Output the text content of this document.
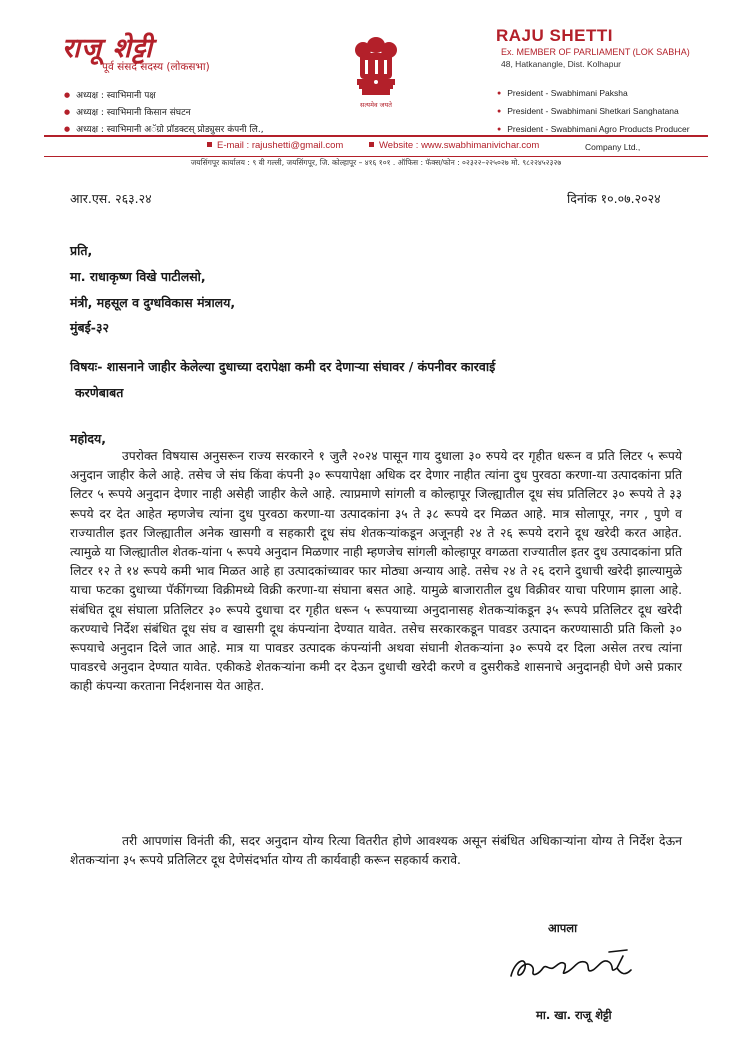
राजू शेट्टी
पूर्व संसद सदस्य (लोकसभा)
● अध्यक्ष : स्वाभिमानी पक्ष
● अध्यक्ष : स्वाभिमानी किसान संघटन
● अध्यक्ष : स्वाभिमानी अॅग्रो प्रॉडक्टस् प्रोड्युसर कंपनी लि.,
सत्यमेव जयते
RAJU SHETTI
Ex. MEMBER OF PARLIAMENT (LOK SABHA)
48, Hatkanangle, Dist. Kolhapur
● President - Swabhimani Paksha
● President - Swabhimani Shetkari Sanghatana
● President - Swabhimani Agro Products Producer
Company Ltd.,
E-mail : rajushetti@gmail.com	Website : www.swabhimanivichar.com
जयसिंगपूर कार्यालय : ९ वी गल्ली, जयसिंगपूर, जि. कोल्हापूर – ४१६ १०१ . ऑफिस : फॅक्स/फोन : ०२३२२–२२५०२७ मो. ९८२२४५२३२७
आर.एस. २६३.२४	दिनांक १०.०७.२०२४
प्रति,
मा. राधाकृष्ण विखे पाटीलसो,
मंत्री, महसूल व दुग्धविकास मंत्रालय,
मुंबई-३२
विषयः- शासनाने जाहीर केलेल्या दुधाच्या दरापेक्षा कमी दर देणाऱ्या संघावर / कंपनीवर कारवाई
करणेबाबत
महोदय,
उपरोक्त विषयास अनुसरून राज्य सरकारने १ जुलै २०२४ पासून गाय दुधाला ३० रुपये दर गृहीत धरून व प्रति लिटर ५ रूपये अनुदान जाहीर केले आहे. तसेच जे संघ किंवा कंपनी ३० रूपयापेक्षा अधिक दर देणार नाहीत त्यांना दुध पुरवठा करणा-या उत्पादकांना प्रति लिटर ५ रूपये अनुदान देणार नाही असेही जाहीर केले आहे. त्याप्रमाणे सांगली व कोल्हापूर जिल्ह्यातील दूध संघ प्रतिलिटर ३० रूपये ते ३३ रूपये दर देत आहेत म्हणजेच त्यांना दुध पुरवठा करणा-या उत्पादकांना ३५ ते ३८ रूपये दर मिळत आहे. मात्र सोलापूर, नगर , पुणे व राज्यातील इतर जिल्ह्यातील अनेक खासगी व सहकारी दूध संघ शेतकऱ्यांकडून अजूनही २४ ते २६ रूपये दराने दूध खरेदी करत आहेत. त्यामुळे या जिल्ह्यातील शेतक-यांना ५ रूपये अनुदान मिळणार नाही म्हणजेच सांगली कोल्हापूर वगळता राज्यातील इतर दुध उत्पादकांना प्रति लिटर १२ ते १४ रूपये कमी भाव मिळत आहे हा उत्पादकांच्यावर फार मोठ्या अन्याय आहे. तसेच २४ ते २६ दराने दुधाची खरेदी झाल्यामुळे याचा फटका दुधाच्या पॅकींगच्या विक्रीमध्ये विक्री करणा-या संघाना बसत आहे. यामुळे बाजारातील दुध विक्रीवर याचा परिणाम झाला आहे. संबंधित दूध संघाला प्रतिलिटर ३० रूपये दुधाचा दर गृहीत धरून ५ रूपयाच्या अनुदानासह शेतकऱ्यांकडून ३५ रूपये प्रतिलिटर दूध खरेदी करण्याचे निर्देश संबंधित दूध संघ व खासगी दूध कंपन्यांना देण्यात यावेत. तसेच सरकारकडून पावडर उत्पादन करण्यासाठी प्रति किलो ३० रूपयाचे अनुदान दिले जात आहे. मात्र या पावडर उत्पादक कंपन्यांनी अथवा संघानी शेतकऱ्यांना ३० रूपये दर दिला असेल तरच त्यांना पावडरचे अनुदान देण्यात यावेत. एकीकडे शेतकऱ्यांना कमी दर देऊन दुधाची खरेदी करणे व दुसरीकडे शासनाचे अनुदानही घेणे असे प्रकार काही कंपन्या करताना निर्दशनास येत आहेत.
तरी आपणांस विनंती की, सदर अनुदान योग्य रित्या वितरीत होणे आवश्यक असून संबंधित अधिकाऱ्यांना योग्य ते निर्देश देऊन शेतकऱ्यांना ३५ रूपये प्रतिलिटर दूध देणेसंदर्भात योग्य ती कार्यवाही करून सहकार्य करावे.
आपला
मा. खा. राजू शेट्टी
